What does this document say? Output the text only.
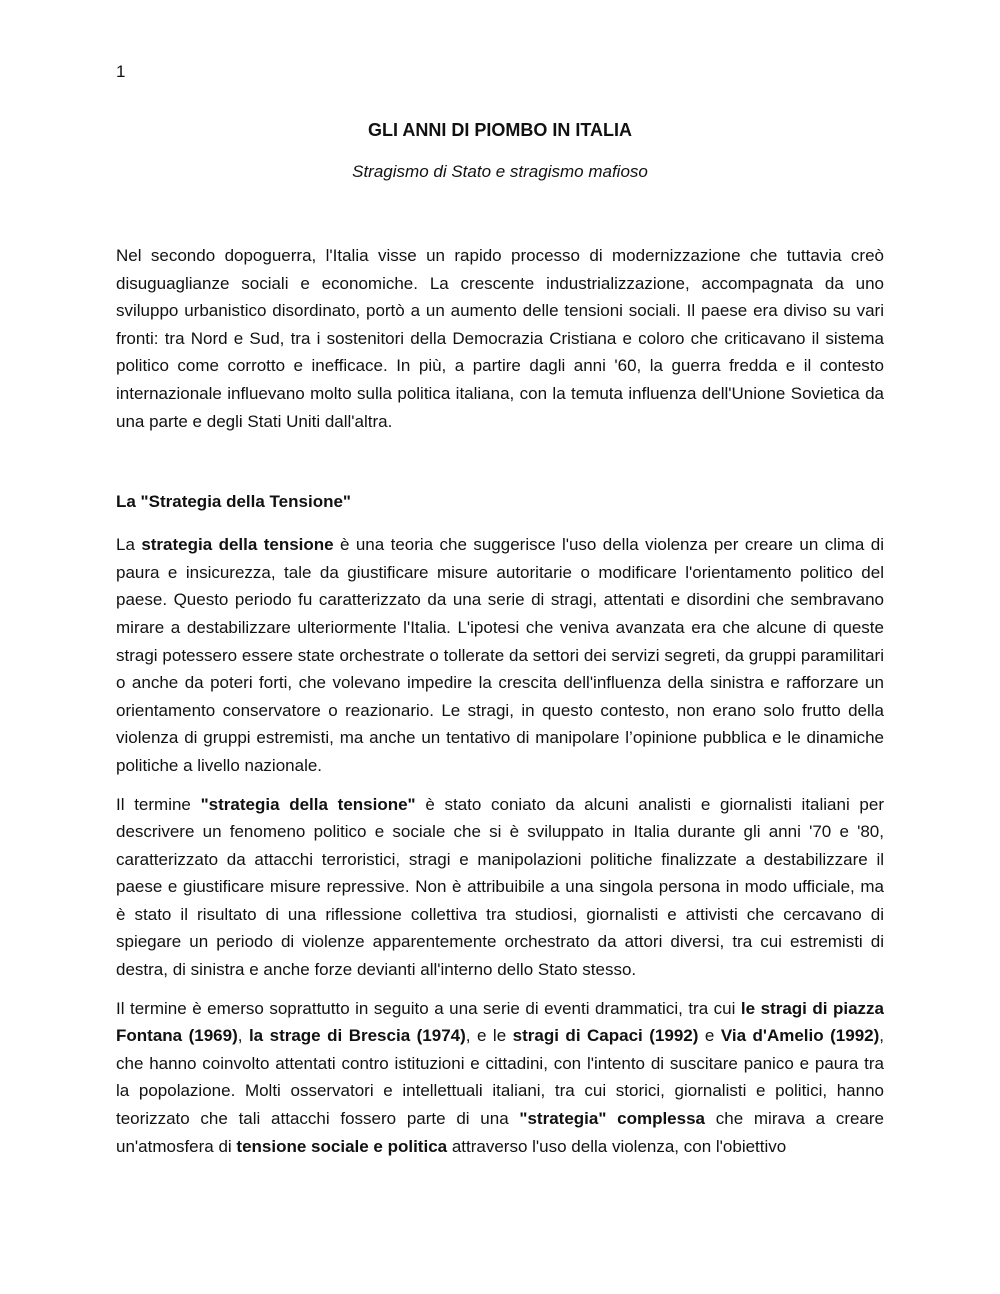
1
GLI ANNI DI PIOMBO IN ITALIA
Stragismo di Stato e stragismo mafioso

Nel secondo dopoguerra, l'Italia visse un rapido processo di modernizzazione che tuttavia creò disuguaglianze sociali e economiche. La crescente industrializzazione, accompagnata da uno sviluppo urbanistico disordinato, portò a un aumento delle tensioni sociali. Il paese era diviso su vari fronti: tra Nord e Sud, tra i sostenitori della Democrazia Cristiana e coloro che criticavano il sistema politico come corrotto e inefficace. In più, a partire dagli anni '60, la guerra fredda e il contesto internazionale influevano molto sulla politica italiana, con la temuta influenza dell'Unione Sovietica da una parte e degli Stati Uniti dall'altra.

La "Strategia della Tensione"

La strategia della tensione è una teoria che suggerisce l'uso della violenza per creare un clima di paura e insicurezza, tale da giustificare misure autoritarie o modificare l'orientamento politico del paese. Questo periodo fu caratterizzato da una serie di stragi, attentati e disordini che sembravano mirare a destabilizzare ulteriormente l'Italia. L'ipotesi che veniva avanzata era che alcune di queste stragi potessero essere state orchestrate o tollerate da settori dei servizi segreti, da gruppi paramilitari o anche da poteri forti, che volevano impedire la crescita dell'influenza della sinistra e rafforzare un orientamento conservatore o reazionario. Le stragi, in questo contesto, non erano solo frutto della violenza di gruppi estremisti, ma anche un tentativo di manipolare l’opinione pubblica e le dinamiche politiche a livello nazionale.

Il termine "strategia della tensione" è stato coniato da alcuni analisti e giornalisti italiani per descrivere un fenomeno politico e sociale che si è sviluppato in Italia durante gli anni '70 e '80, caratterizzato da attacchi terroristici, stragi e manipolazioni politiche finalizzate a destabilizzare il paese e giustificare misure repressive. Non è attribuibile a una singola persona in modo ufficiale, ma è stato il risultato di una riflessione collettiva tra studiosi, giornalisti e attivisti che cercavano di spiegare un periodo di violenze apparentemente orchestrato da attori diversi, tra cui estremisti di destra, di sinistra e anche forze devianti all'interno dello Stato stesso.

Il termine è emerso soprattutto in seguito a una serie di eventi drammatici, tra cui le stragi di piazza Fontana (1969), la strage di Brescia (1974), e le stragi di Capaci (1992) e Via d'Amelio (1992), che hanno coinvolto attentati contro istituzioni e cittadini, con l'intento di suscitare panico e paura tra la popolazione. Molti osservatori e intellettuali italiani, tra cui storici, giornalisti e politici, hanno teorizzato che tali attacchi fossero parte di una "strategia" complessa che mirava a creare un'atmosfera di tensione sociale e politica attraverso l'uso della violenza, con l'obiettivo
